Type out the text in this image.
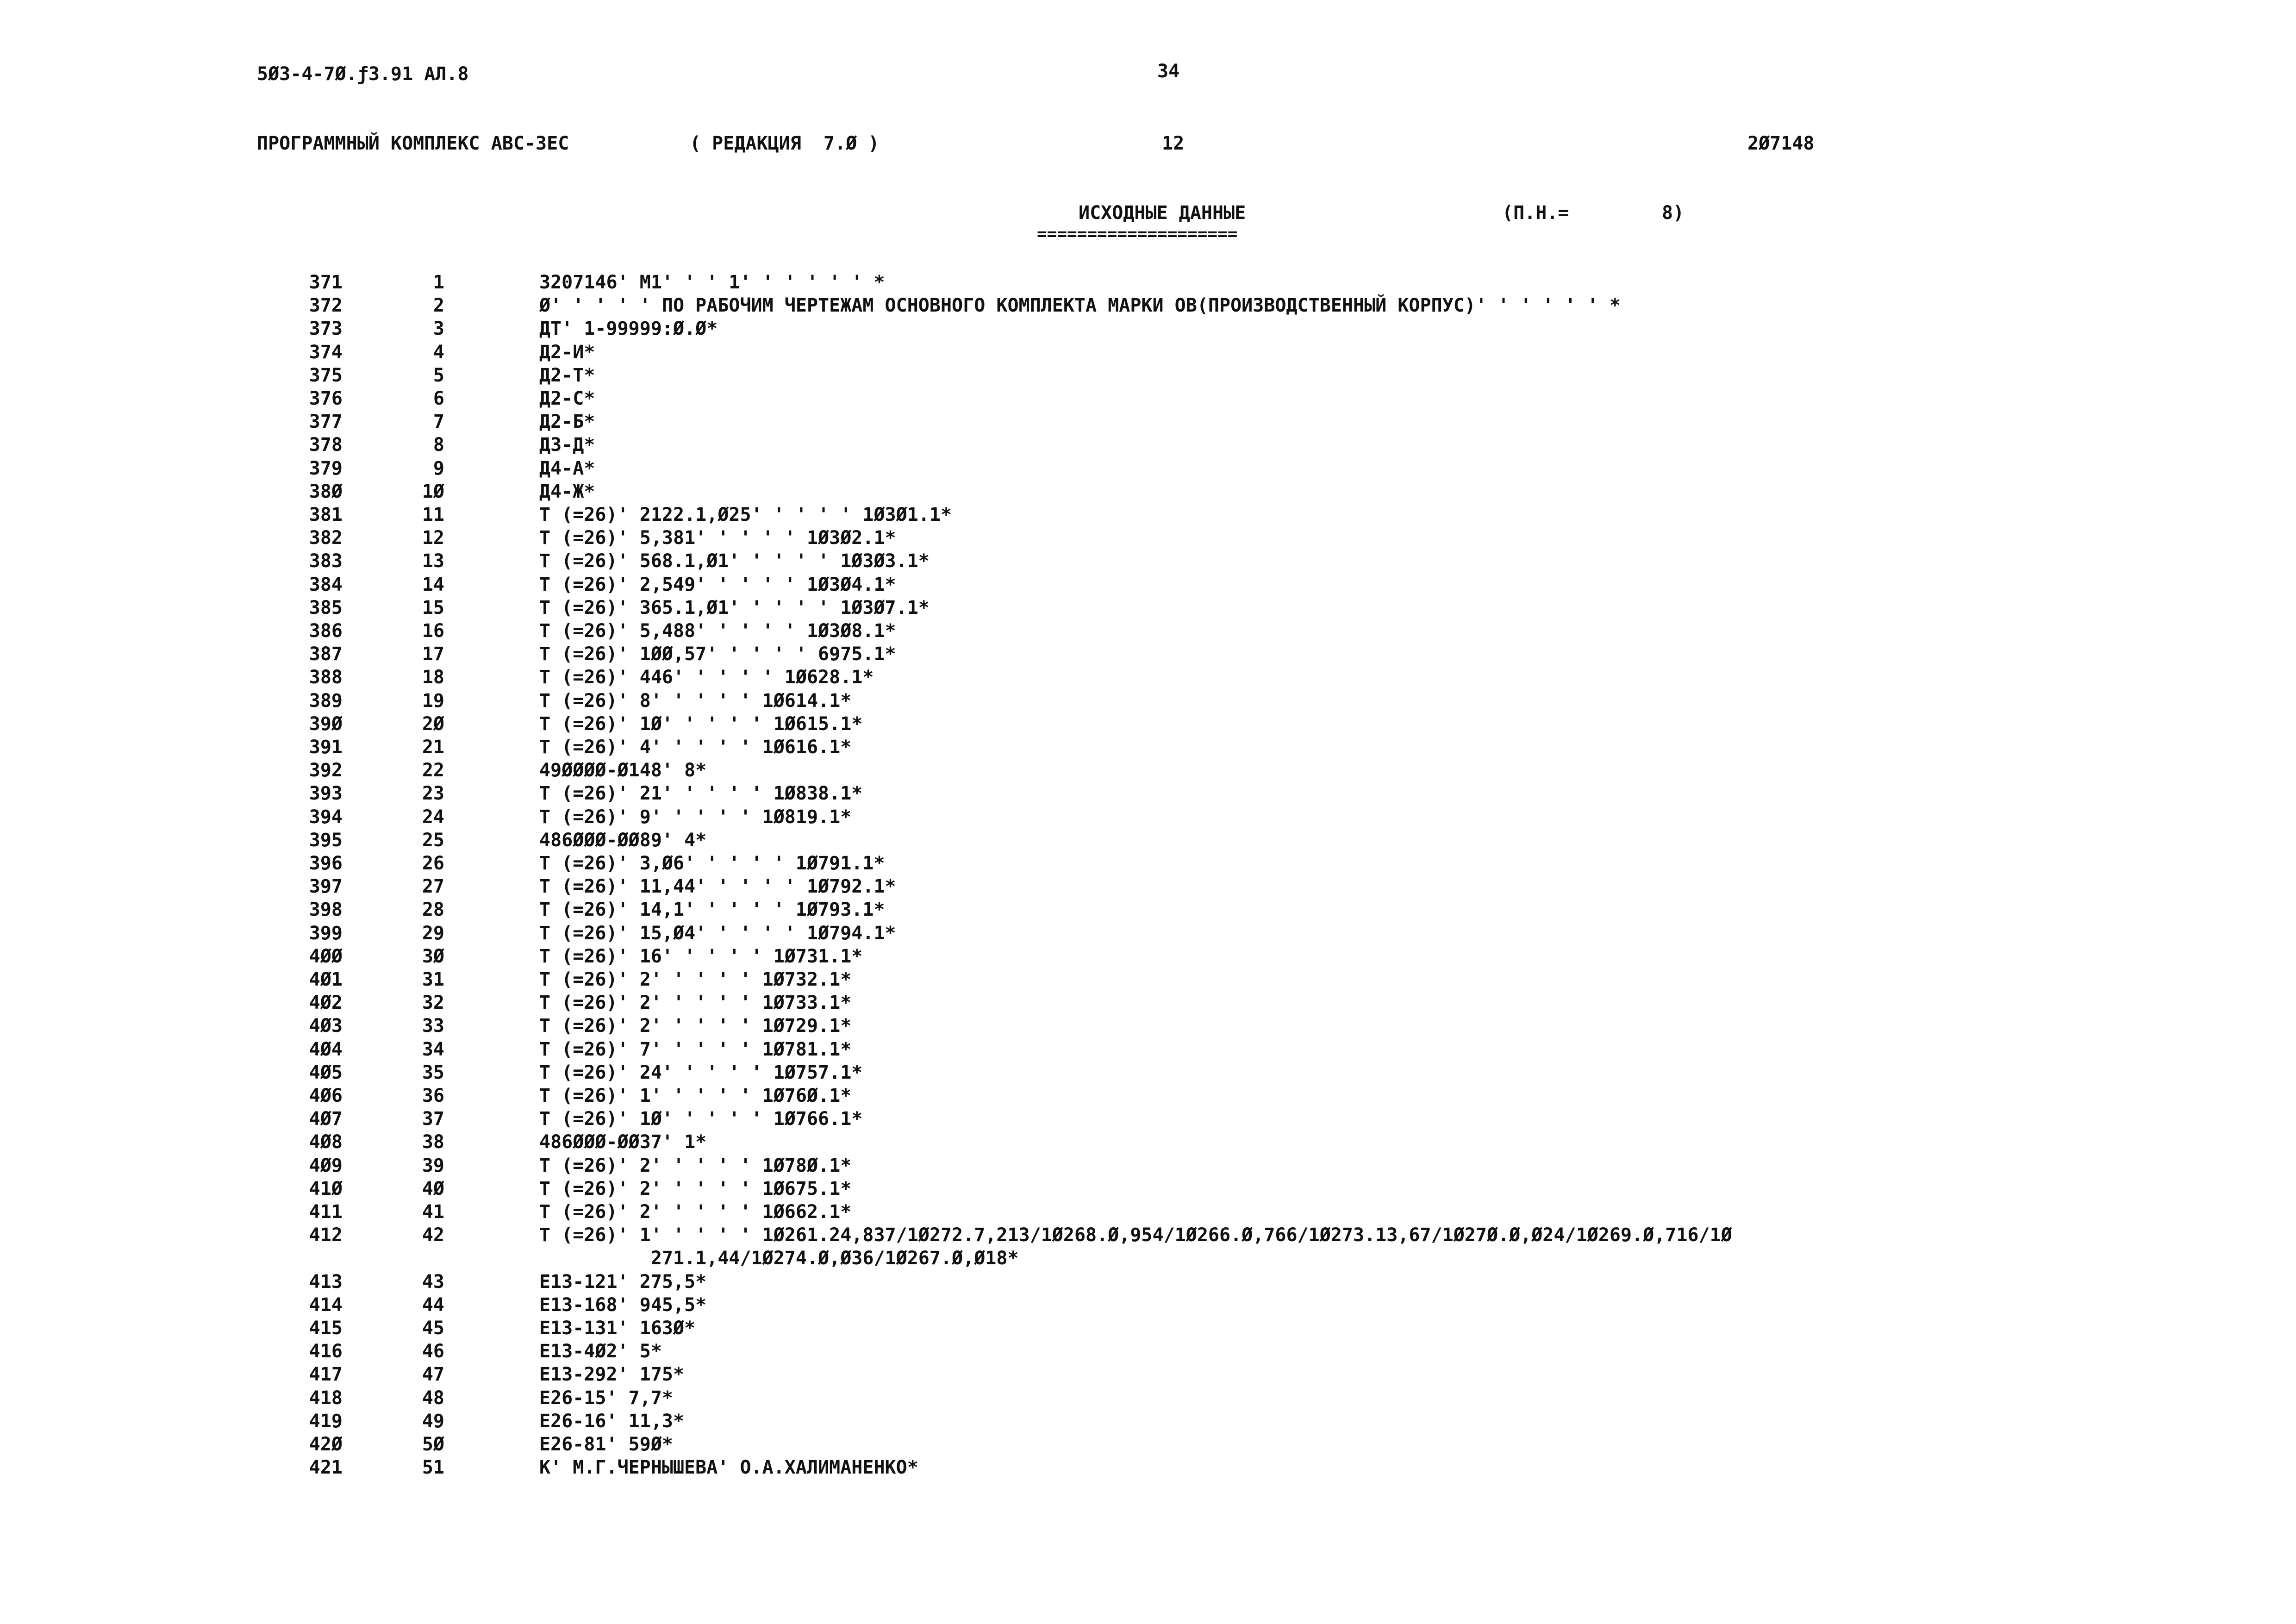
5Ø3-4-7Ø.ƒ3.91 АЛ.8	34
ПРОГРАММНЫЙ КОМПЛЕКС АВС-3ЕС	( РЕДАКЦИЯ  7.Ø )	12	2Ø7148
ИСХОДНЫЕ ДАННЫЕ
====================
(П.Н.=	8)
371	1	3207146' М1' ' ' 1' ' ' ' ' ' *
372	2	Ø' ' ' ' ' ПО РАБОЧИМ ЧЕРТЕЖАМ ОСНОВНОГО КОМПЛЕКТА МАРКИ ОВ(ПРОИЗВОДСТВЕННЫЙ КОРПУС)' ' ' ' ' ' *
373	3	ДТ' 1-99999:Ø.Ø*
374	4	Д2-И*
375	5	Д2-Т*
376	6	Д2-С*
377	7	Д2-Б*
378	8	Д3-Д*
379	9	Д4-А*
38Ø	1Ø	Д4-Ж*
381	11	Т (=26)' 2122.1,Ø25' ' ' ' ' 1Ø3Ø1.1*
382	12	Т (=26)' 5,381' ' ' ' ' 1Ø3Ø2.1*
383	13	Т (=26)' 568.1,Ø1' ' ' ' ' 1Ø3Ø3.1*
384	14	Т (=26)' 2,549' ' ' ' ' 1Ø3Ø4.1*
385	15	Т (=26)' 365.1,Ø1' ' ' ' ' 1Ø3Ø7.1*
386	16	Т (=26)' 5,488' ' ' ' ' 1Ø3Ø8.1*
387	17	Т (=26)' 1ØØ,57' ' ' ' ' 6975.1*
388	18	Т (=26)' 446' ' ' ' ' 1Ø628.1*
389	19	Т (=26)' 8' ' ' ' ' 1Ø614.1*
39Ø	2Ø	Т (=26)' 1Ø' ' ' ' ' 1Ø615.1*
391	21	Т (=26)' 4' ' ' ' ' 1Ø616.1*
392	22	49ØØØØ-Ø148' 8*
393	23	Т (=26)' 21' ' ' ' ' 1Ø838.1*
394	24	Т (=26)' 9' ' ' ' ' 1Ø819.1*
395	25	486ØØØ-ØØ89' 4*
396	26	Т (=26)' 3,Ø6' ' ' ' ' 1Ø791.1*
397	27	Т (=26)' 11,44' ' ' ' ' 1Ø792.1*
398	28	Т (=26)' 14,1' ' ' ' ' 1Ø793.1*
399	29	Т (=26)' 15,Ø4' ' ' ' ' 1Ø794.1*
4ØØ	3Ø	Т (=26)' 16' ' ' ' ' 1Ø731.1*
4Ø1	31	Т (=26)' 2' ' ' ' ' 1Ø732.1*
4Ø2	32	Т (=26)' 2' ' ' ' ' 1Ø733.1*
4Ø3	33	Т (=26)' 2' ' ' ' ' 1Ø729.1*
4Ø4	34	Т (=26)' 7' ' ' ' ' 1Ø781.1*
4Ø5	35	Т (=26)' 24' ' ' ' ' 1Ø757.1*
4Ø6	36	Т (=26)' 1' ' ' ' ' 1Ø76Ø.1*
4Ø7	37	Т (=26)' 1Ø' ' ' ' ' 1Ø766.1*
4Ø8	38	486ØØØ-ØØ37' 1*
4Ø9	39	Т (=26)' 2' ' ' ' ' 1Ø78Ø.1*
41Ø	4Ø	Т (=26)' 2' ' ' ' ' 1Ø675.1*
411	41	Т (=26)' 2' ' ' ' ' 1Ø662.1*
412	42	Т (=26)' 1' ' ' ' ' 1Ø261.24,837/1Ø272.7,213/1Ø268.Ø,954/1Ø266.Ø,766/1Ø273.13,67/1Ø27Ø.Ø,Ø24/1Ø269.Ø,716/1Ø
271.1,44/1Ø274.Ø,Ø36/1Ø267.Ø,Ø18*
413	43	Е13-121' 275,5*
414	44	Е13-168' 945,5*
415	45	Е13-131' 163Ø*
416	46	Е13-4Ø2' 5*
417	47	Е13-292' 175*
418	48	Е26-15' 7,7*
419	49	Е26-16' 11,3*
42Ø	5Ø	Е26-81' 59Ø*
421	51	К' М.Г.ЧЕРНЫШЕВА' О.А.ХАЛИМАНЕНКО*
